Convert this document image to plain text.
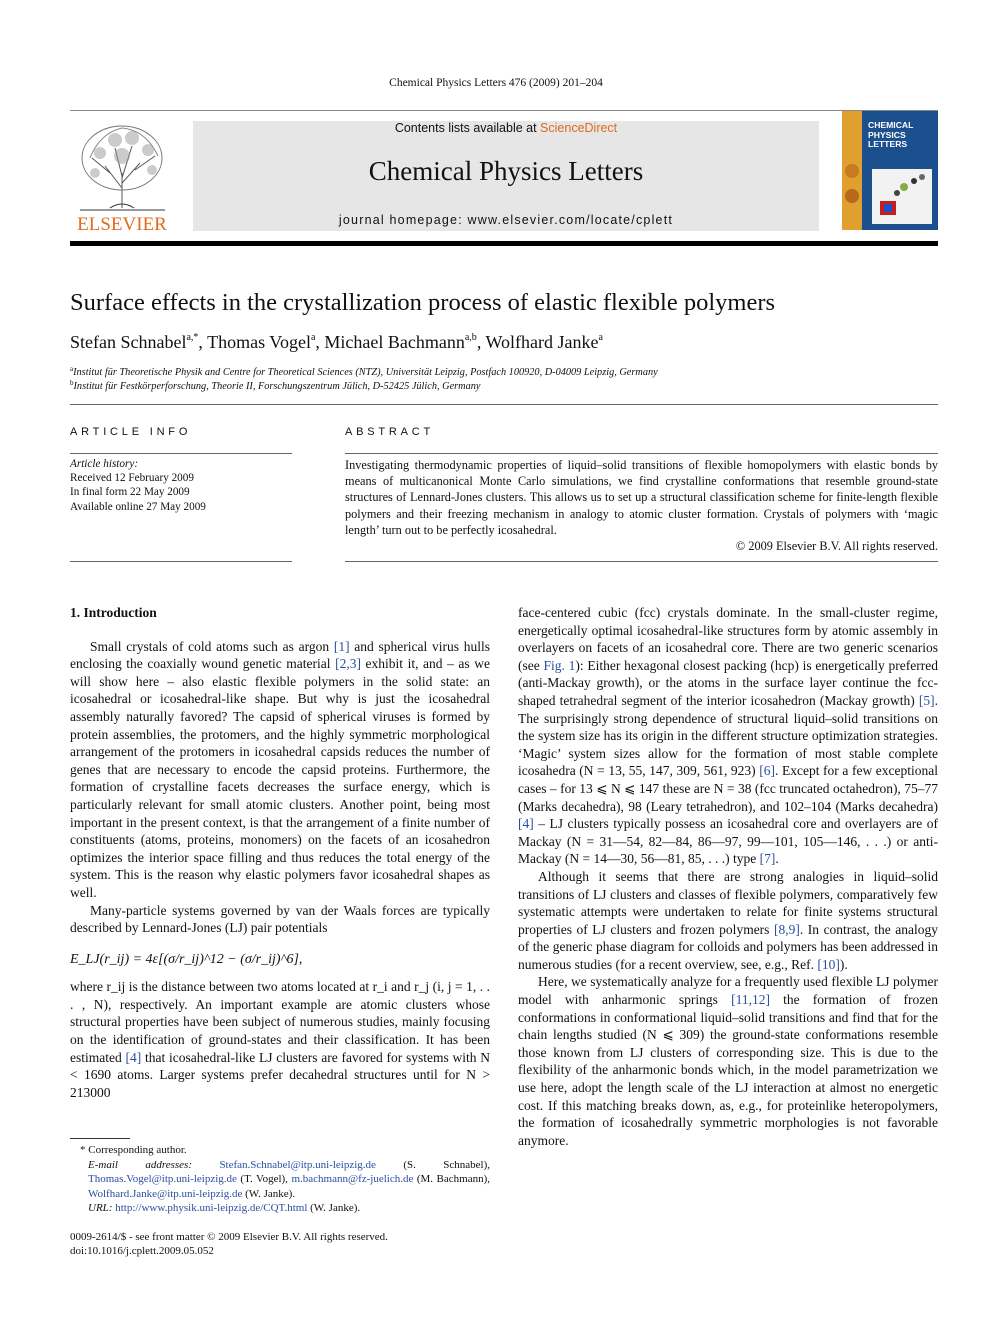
Chemical Physics Letters 476 (2009) 201–204
ELSEVIER
Contents lists available at ScienceDirect
Chemical Physics Letters
journal homepage: www.elsevier.com/locate/cplett
CHEMICAL PHYSICS LETTERS
Surface effects in the crystallization process of elastic flexible polymers
Stefan Schnabel$^{a,*}$, Thomas Vogel$^a$, Michael Bachmann$^{a,b}$, Wolfhard Janke$^a$
$^a$Institut für Theoretische Physik and Centre for Theoretical Sciences (NTZ), Universität Leipzig, Postfach 100920, D-04009 Leipzig, Germany
$^b$Institut für Festkörperforschung, Theorie II, Forschungszentrum Jülich, D-52425 Jülich, Germany
ARTICLE INFO
Article history:
Received 12 February 2009
In final form 22 May 2009
Available online 27 May 2009
ABSTRACT
Investigating thermodynamic properties of liquid–solid transitions of flexible homopolymers with elastic bonds by means of multicanonical Monte Carlo simulations, we find crystalline conformations that resemble ground-state structures of Lennard-Jones clusters. This allows us to set up a structural classification scheme for finite-length flexible polymers and their freezing mechanism in analogy to atomic cluster formation. Crystals of polymers with ‘magic length’ turn out to be perfectly icosahedral.
© 2009 Elsevier B.V. All rights reserved.
1. Introduction

Small crystals of cold atoms such as argon [1] and spherical virus hulls enclosing the coaxially wound genetic material [2,3] exhibit it, and – as we will show here – also elastic flexible polymers in the solid state: an icosahedral or icosahedral-like shape. But why is just the icosahedral assembly naturally favored? The capsid of spherical viruses is formed by protein assemblies, the protomers, and the highly symmetric morphological arrangement of the protomers in icosahedral capsids reduces the number of genes that are necessary to encode the capsid proteins. Furthermore, the formation of crystalline facets decreases the surface energy, which is particularly relevant for small atomic clusters. Another point, being most important in the present context, is that the arrangement of a finite number of constituents (atoms, proteins, monomers) on the facets of an icosahedron optimizes the interior space filling and thus reduces the total energy of the system. This is the reason why elastic polymers favor icosahedral shapes as well.

Many-particle systems governed by van der Waals forces are typically described by Lennard-Jones (LJ) pair potentials

E_LJ(r_ij) = 4ε[(σ/r_ij)^12 − (σ/r_ij)^6],

where r_ij is the distance between two atoms located at r_i and r_j (i, j = 1, . . . , N), respectively. An important example are atomic clusters whose structural properties have been subject of numerous studies, mainly focusing on the identification of ground-states and their classification. It has been estimated [4] that icosahedral-like LJ clusters are favored for systems with N < 1690 atoms. Larger systems prefer decahedral structures until for N > 213000

face-centered cubic (fcc) crystals dominate. In the small-cluster regime, energetically optimal icosahedral-like structures form by atomic assembly in overlayers on facets of an icosahedral core. There are two generic scenarios (see Fig. 1): Either hexagonal closest packing (hcp) is energetically preferred (anti-Mackay growth), or the atoms in the surface layer continue the fcc-shaped tetrahedral segment of the interior icosahedron (Mackay growth) [5]. The surprisingly strong dependence of structural liquid–solid transitions on the system size has its origin in the different structure optimization strategies. ‘Magic’ system sizes allow for the formation of most stable complete icosahedra (N = 13, 55, 147, 309, 561, 923) [6]. Except for a few exceptional cases – for 13 ⩽ N ⩽ 147 these are N = 38 (fcc truncated octahedron), 75–77 (Marks decahedra), 98 (Leary tetrahedron), and 102–104 (Marks decahedra) [4] – LJ clusters typically possess an icosahedral core and overlayers are of Mackay (N = 31—54, 82—84, 86—97, 99—101, 105—146, . . .) or anti-Mackay (N = 14—30, 56—81, 85, . . .) type [7].

Although it seems that there are strong analogies in liquid–solid transitions of LJ clusters and classes of flexible polymers, comparatively few systematic attempts were undertaken to relate for finite systems structural properties of LJ clusters and frozen polymers [8,9]. In contrast, the analogy of the generic phase diagram for colloids and polymers has been addressed in numerous studies (for a recent overview, see, e.g., Ref. [10]).

Here, we systematically analyze for a frequently used flexible LJ polymer model with anharmonic springs [11,12] the formation of frozen conformations in conformational liquid–solid transitions and find that for the chain lengths studied (N ⩽ 309) the ground-state conformations resemble those known from LJ clusters of corresponding size. This is due to the flexibility of the anharmonic bonds which, in the model parametrization we use here, adopt the length scale of the LJ interaction at almost no energetic cost. If this matching breaks down, as, e.g., for proteinlike heteropolymers, the formation of icosahedrally symmetric morphologies is not favorable anymore.

* Corresponding author.
E-mail addresses: Stefan.Schnabel@itp.uni-leipzig.de (S. Schnabel), Thomas.Vogel@itp.uni-leipzig.de (T. Vogel), m.bachmann@fz-juelich.de (M. Bachmann), Wolfhard.Janke@itp.uni-leipzig.de (W. Janke).
URL: http://www.physik.uni-leipzig.de/CQT.html (W. Janke).
0009-2614/$ - see front matter © 2009 Elsevier B.V. All rights reserved.
doi:10.1016/j.cplett.2009.05.052
